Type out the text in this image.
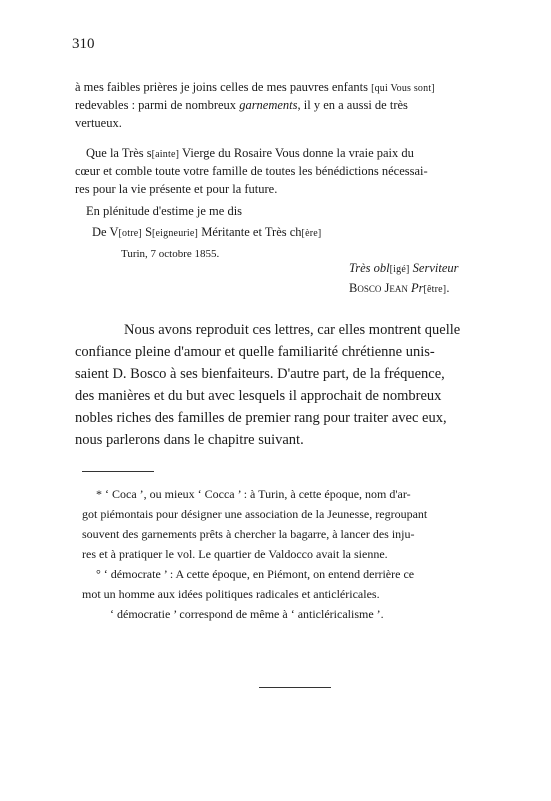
310
à mes faibles prières je joins celles de mes pauvres enfants [qui Vous sont]
redevables : parmi de nombreux garnements, il y en a aussi de très
vertueux.
Que la Très s[ainte] Vierge du Rosaire Vous donne la vraie paix du
cœur et comble toute votre famille de toutes les bénédictions nécessai-
res pour la vie présente et pour la future.
En plénitude d'estime je me dis
De V[otre] S[eigneurie] Méritante et Très ch[ère]
Turin, 7 octobre 1855.
Très obl[igé] Serviteur
Bosco Jean Pr[être].
Nous avons reproduit ces lettres, car elles montrent quelle
confiance pleine d'amour et quelle familiarité chrétienne unis-
saient D. Bosco à ses bienfaiteurs. D'autre part, de la fréquence,
des manières et du but avec lesquels il approchait de nombreux
nobles riches des familles de premier rang pour traiter avec eux,
nous parlerons dans le chapitre suivant.
* ‘ Coca ’, ou mieux ‘ Cocca ’ : à Turin, à cette époque, nom d'ar-
got piémontais pour désigner une association de la Jeunesse, regroupant
souvent des garnements prêts à chercher la bagarre, à lancer des inju-
res et à pratiquer le vol. Le quartier de Valdocco avait la sienne.
° ‘ démocrate ’ : A cette époque, en Piémont, on entend derrière ce
mot un homme aux idées politiques radicales et anticléricales.
‘ démocratie ’ correspond de même à ‘ anticléricalisme ’.
